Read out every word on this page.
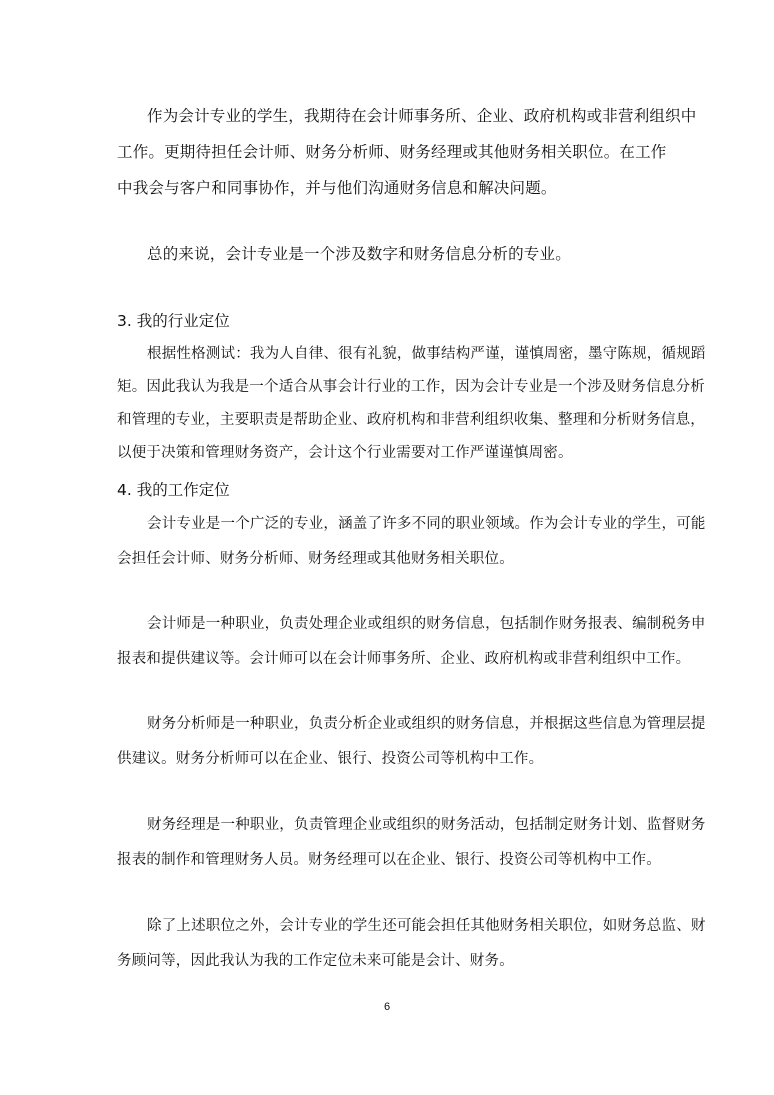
作为会计专业的学生，我期待在会计师事务所、企业、政府机构或非营利组织中
工作。更期待担任会计师、财务分析师、财务经理或其他财务相关职位。在工作
中我会与客户和同事协作，并与他们沟通财务信息和解决问题。
总的来说，会计专业是一个涉及数字和财务信息分析的专业。
3. 我的行业定位
根据性格测试：我为人自律、很有礼貌，做事结构严谨，谨慎周密，墨守陈规，循规蹈
矩。因此我认为我是一个适合从事会计行业的工作，因为会计专业是一个涉及财务信息分析
和管理的专业，主要职责是帮助企业、政府机构和非营利组织收集、整理和分析财务信息，
以便于决策和管理财务资产，会计这个行业需要对工作严谨谨慎周密。
4. 我的工作定位
会计专业是一个广泛的专业，涵盖了许多不同的职业领域。作为会计专业的学生，可能
会担任会计师、财务分析师、财务经理或其他财务相关职位。
会计师是一种职业，负责处理企业或组织的财务信息，包括制作财务报表、编制税务申
报表和提供建议等。会计师可以在会计师事务所、企业、政府机构或非营利组织中工作。
财务分析师是一种职业，负责分析企业或组织的财务信息，并根据这些信息为管理层提
供建议。财务分析师可以在企业、银行、投资公司等机构中工作。
财务经理是一种职业，负责管理企业或组织的财务活动，包括制定财务计划、监督财务
报表的制作和管理财务人员。财务经理可以在企业、银行、投资公司等机构中工作。
除了上述职位之外，会计专业的学生还可能会担任其他财务相关职位，如财务总监、财
务顾问等，因此我认为我的工作定位未来可能是会计、财务。
6
